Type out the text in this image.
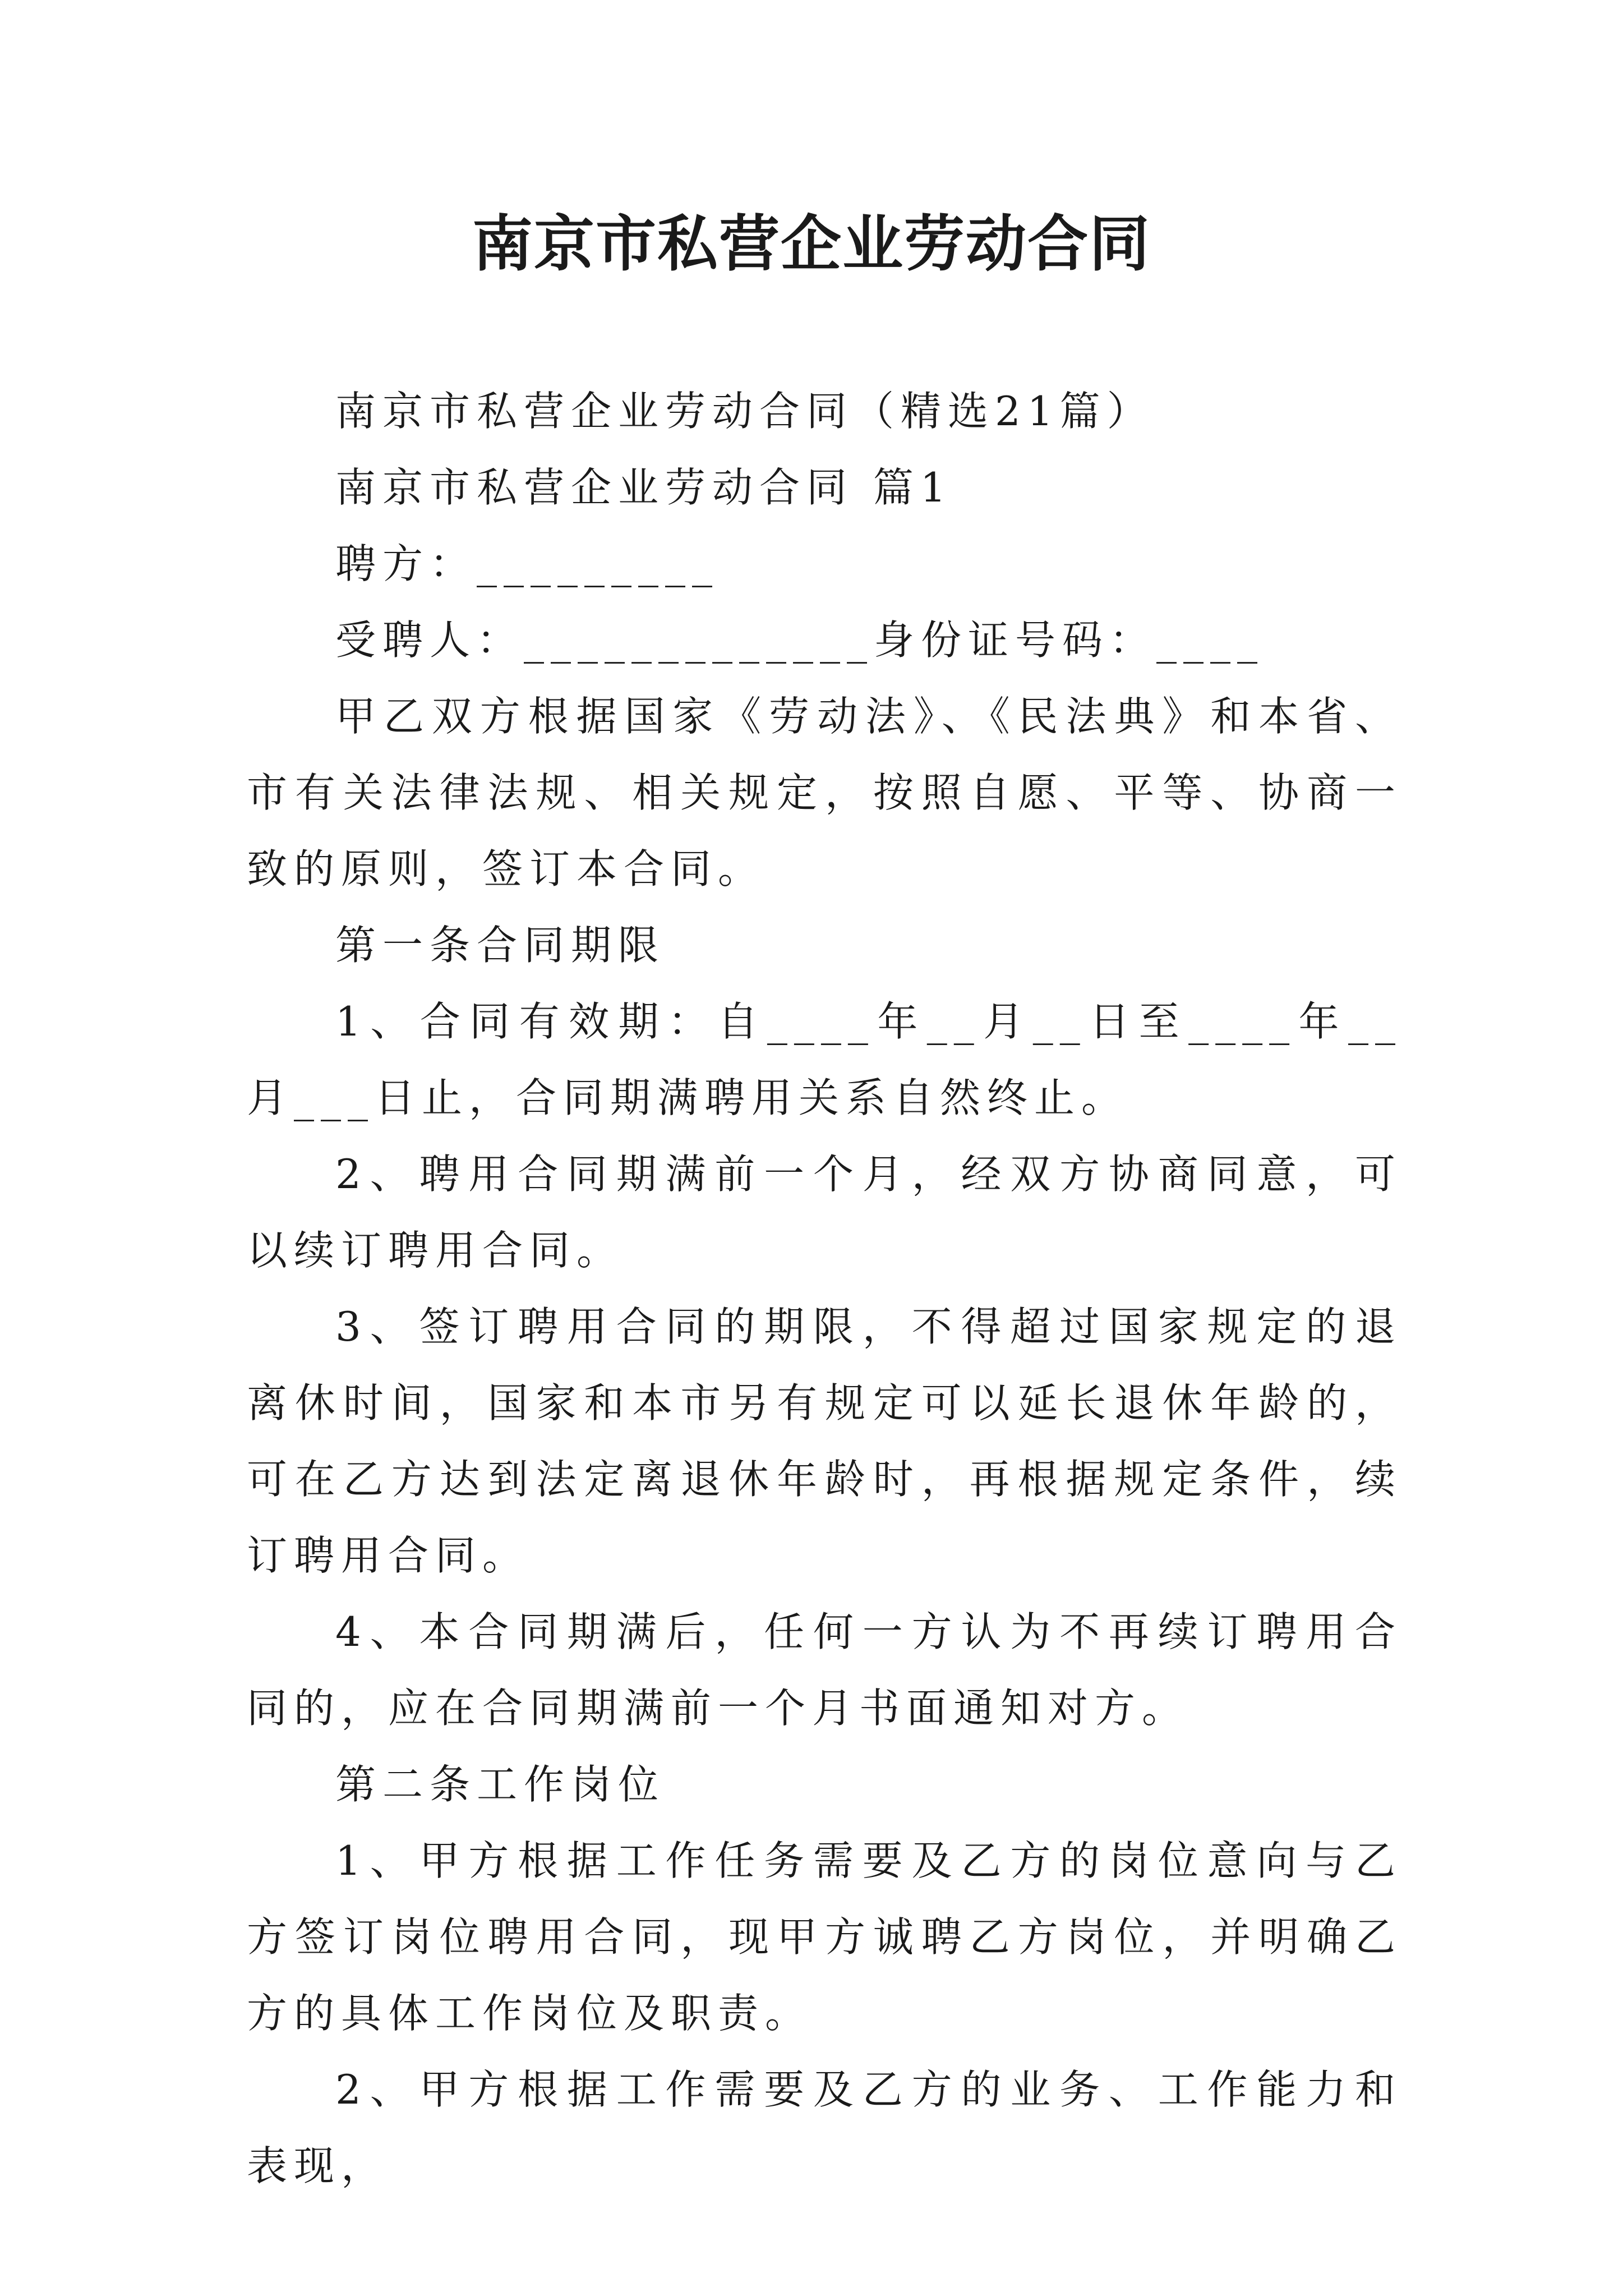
南京市私营企业劳动合同

南京市私营企业劳动合同（精选21篇）

南京市私营企业劳动合同 篇1

聘方：_________

受聘人：_____________身份证号码：____

甲乙双方根据国家《劳动法》、《民法典》和本省、市有关法律法规、相关规定，按照自愿、平等、协商一致的原则，签订本合同。

第一条合同期限

1、合同有效期：自____年__月__日至____年__月___日止，合同期满聘用关系自然终止。

2、聘用合同期满前一个月，经双方协商同意，可以续订聘用合同。

3、签订聘用合同的期限，不得超过国家规定的退离休时间，国家和本市另有规定可以延长退休年龄的，可在乙方达到法定离退休年龄时，再根据规定条件，续订聘用合同。

4、本合同期满后，任何一方认为不再续订聘用合同的，应在合同期满前一个月书面通知对方。

第二条工作岗位

1、甲方根据工作任务需要及乙方的岗位意向与乙方签订岗位聘用合同，现甲方诚聘乙方岗位，并明确乙方的具体工作岗位及职责。

2、甲方根据工作需要及乙方的业务、工作能力和表现，
